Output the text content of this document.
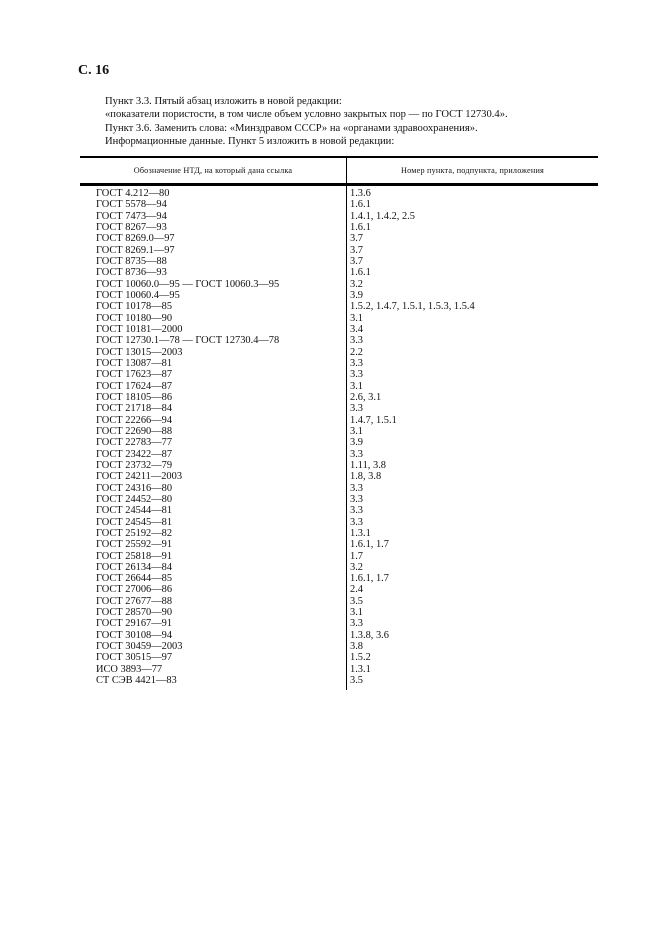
С. 16
Пункт 3.3. Пятый абзац изложить в новой редакции:
«показатели пористости, в том числе объем условно закрытых пор — по ГОСТ 12730.4».
Пункт 3.6. Заменить слова: «Минздравом СССР» на «органами здравоохранения».
Информационные данные. Пункт 5 изложить в новой редакции:
Обозначение НТД, на который дана ссылка	Номер пункта, подпункта, приложения
ГОСТ 4.212—80
ГОСТ 5578—94
ГОСТ 7473—94
ГОСТ 8267—93
ГОСТ 8269.0—97
ГОСТ 8269.1—97
ГОСТ 8735—88
ГОСТ 8736—93
ГОСТ 10060.0—95 — ГОСТ 10060.3—95
ГОСТ 10060.4—95
ГОСТ 10178—85
ГОСТ 10180—90
ГОСТ 10181—2000
ГОСТ 12730.1—78 — ГОСТ 12730.4—78
ГОСТ 13015—2003
ГОСТ 13087—81
ГОСТ 17623—87
ГОСТ 17624—87
ГОСТ 18105—86
ГОСТ 21718—84
ГОСТ 22266—94
ГОСТ 22690—88
ГОСТ 22783—77
ГОСТ 23422—87
ГОСТ 23732—79
ГОСТ 24211—2003
ГОСТ 24316—80
ГОСТ 24452—80
ГОСТ 24544—81
ГОСТ 24545—81
ГОСТ 25192—82
ГОСТ 25592—91
ГОСТ 25818—91
ГОСТ 26134—84
ГОСТ 26644—85
ГОСТ 27006—86
ГОСТ 27677—88
ГОСТ 28570—90
ГОСТ 29167—91
ГОСТ 30108—94
ГОСТ 30459—2003
ГОСТ 30515—97
ИСО 3893—77
СТ СЭВ 4421—83
1.3.6
1.6.1
1.4.1, 1.4.2, 2.5
1.6.1
3.7
3.7
3.7
1.6.1
3.2
3.9
1.5.2, 1.4.7, 1.5.1, 1.5.3, 1.5.4
3.1
3.4
3.3
2.2
3.3
3.3
3.1
2.6, 3.1
3.3
1.4.7, 1.5.1
3.1
3.9
3.3
1.11, 3.8
1.8, 3.8
3.3
3.3
3.3
3.3
1.3.1
1.6.1, 1.7
1.7
3.2
1.6.1, 1.7
2.4
3.5
3.1
3.3
1.3.8, 3.6
3.8
1.5.2
1.3.1
3.5
